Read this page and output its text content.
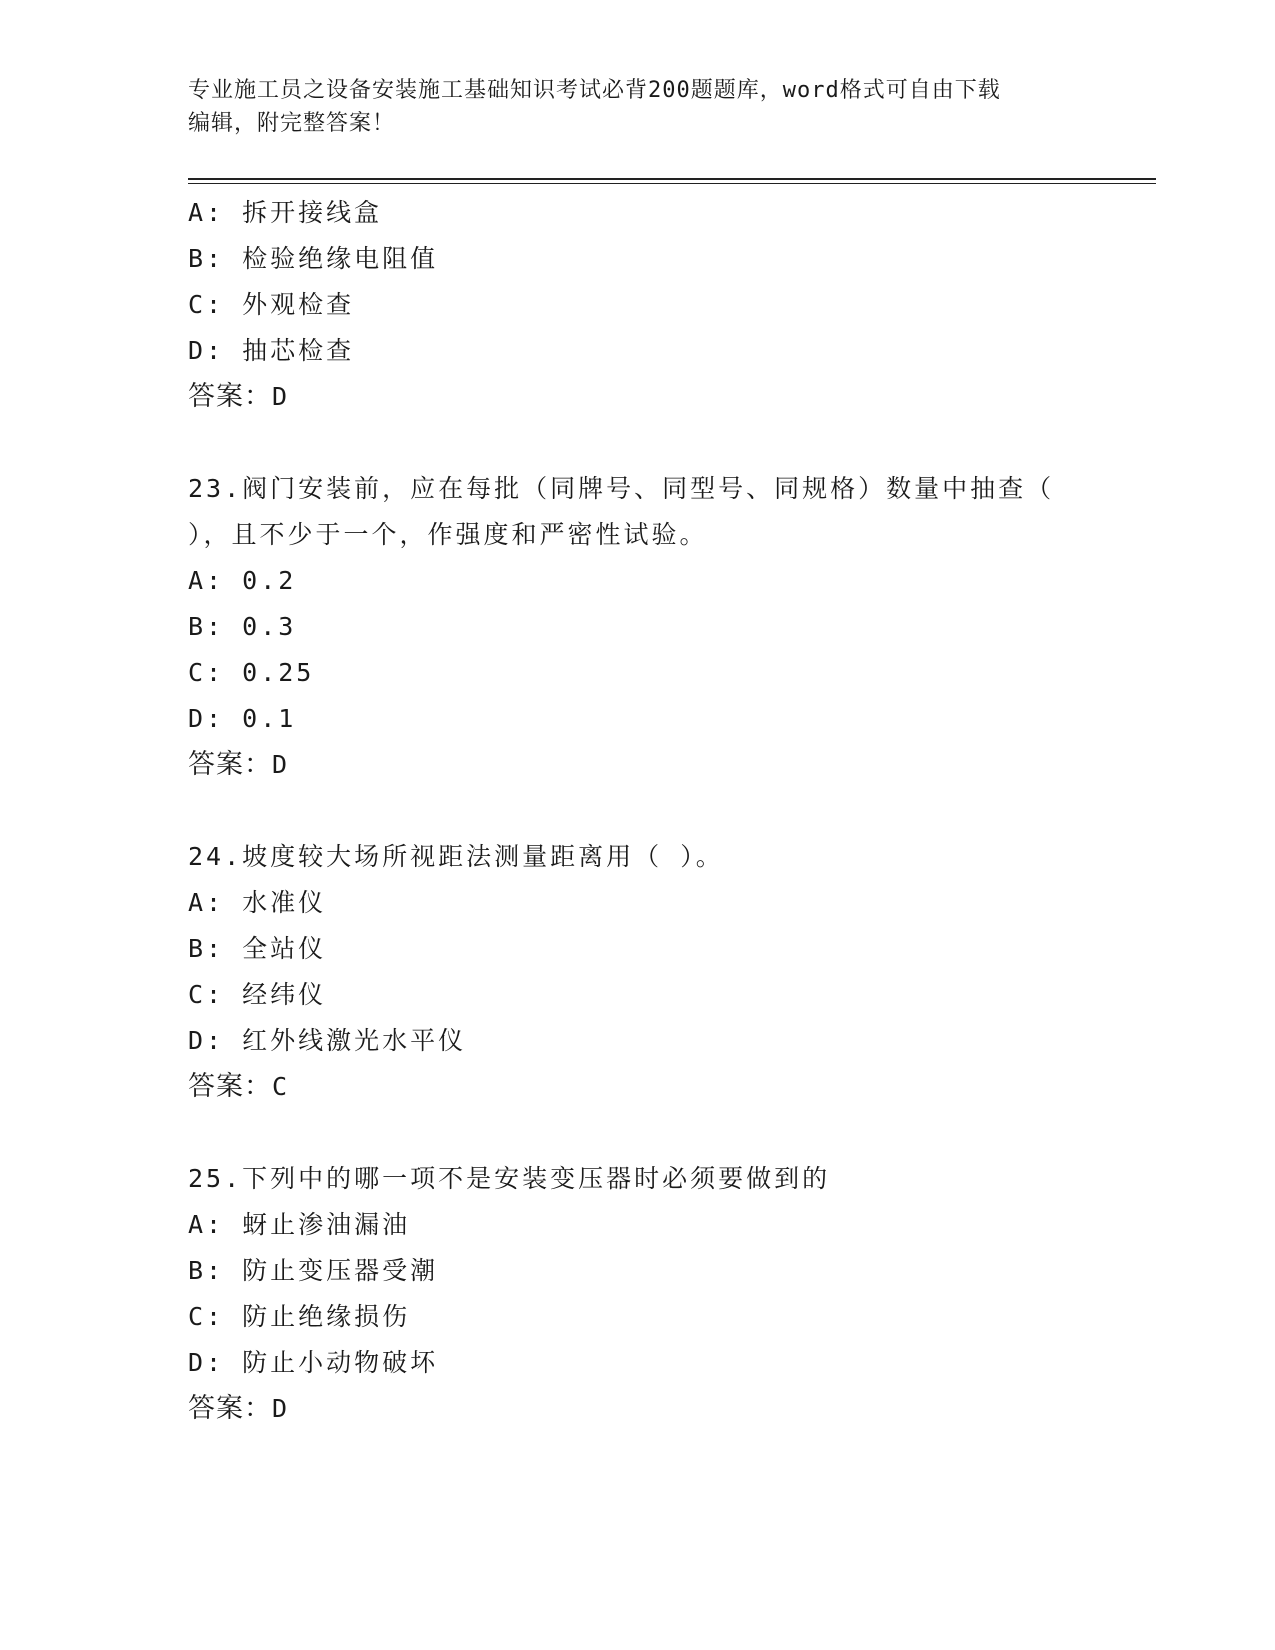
专业施工员之设备安装施工基础知识考试必背200题题库，word格式可自由下载
编辑，附完整答案！
A: 拆开接线盒
B: 检验绝缘电阻值
C: 外观检查
D: 抽芯检查
答案：D
23.阀门安装前，应在每批（同牌号、同型号、同规格）数量中抽查（
），且不少于一个，作强度和严密性试验。
A: 0.2
B: 0.3
C: 0.25
D: 0.1
答案：D
24.坡度较大场所视距法测量距离用（ ）。
A: 水准仪
B: 全站仪
C: 经纬仪
D: 红外线激光水平仪
答案：C
25.下列中的哪一项不是安装变压器时必须要做到的
A: 蚜止渗油漏油
B: 防止变压器受潮
C: 防止绝缘损伤
D: 防止小动物破坏
答案：D
